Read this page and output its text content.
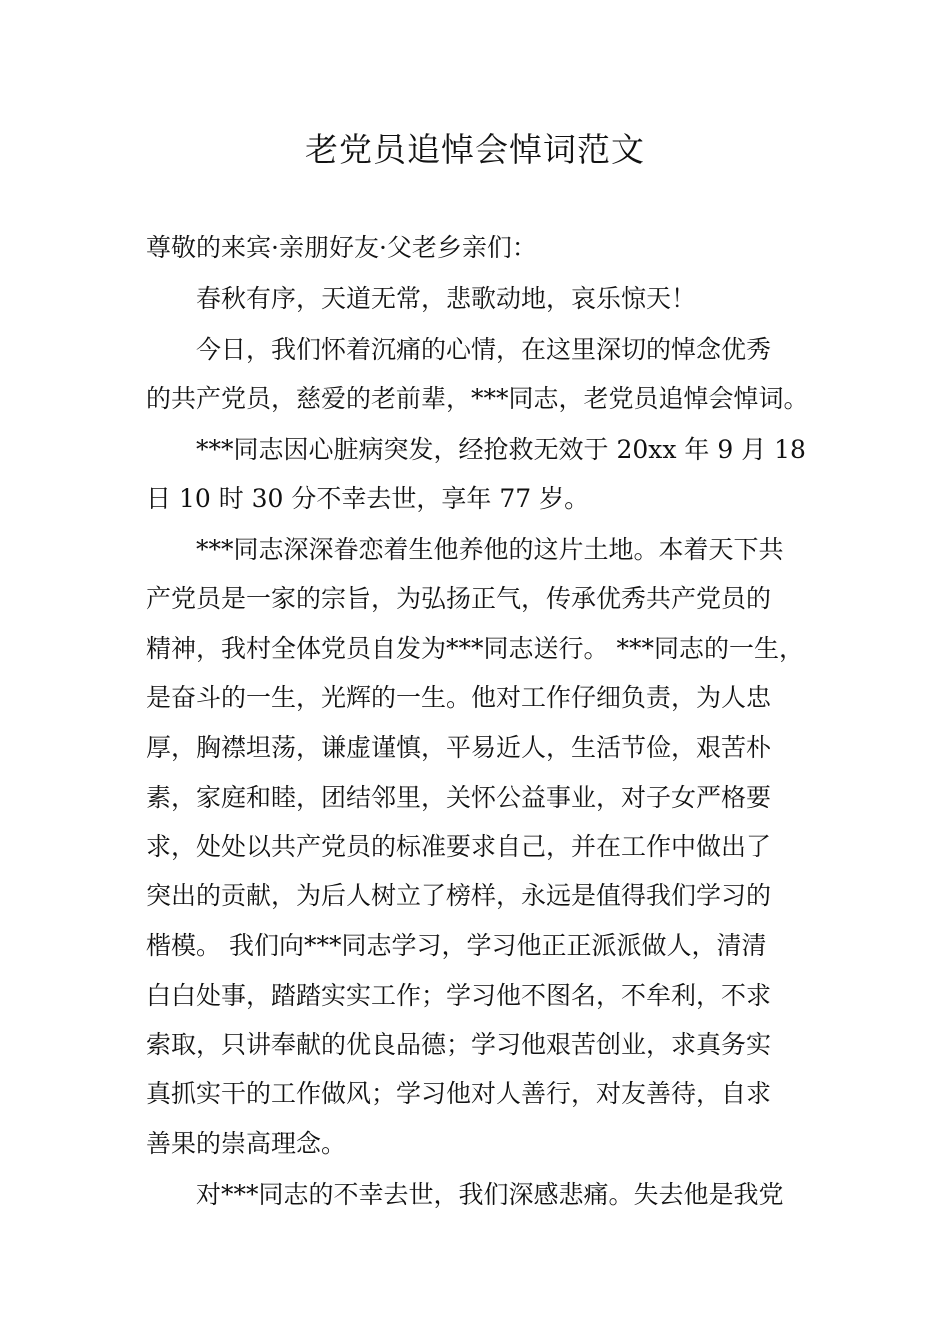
老党员追悼会悼词范文
尊敬的来宾·亲朋好友·父老乡亲们：
春秋有序，天道无常，悲歌动地，哀乐惊天！
今日，我们怀着沉痛的心情，在这里深切的悼念优秀
的共产党员，慈爱的老前辈，***同志，老党员追悼会悼词。
***同志因心脏病突发，经抢救无效于 20xx 年 9 月 18
日 10 时 30 分不幸去世，享年 77 岁。
***同志深深眷恋着生他养他的这片土地。本着天下共
产党员是一家的宗旨，为弘扬正气，传承优秀共产党员的
精神，我村全体党员自发为***同志送行。 ***同志的一生，
是奋斗的一生，光辉的一生。他对工作仔细负责，为人忠
厚，胸襟坦荡，谦虚谨慎，平易近人，生活节俭，艰苦朴
素，家庭和睦，团结邻里，关怀公益事业，对子女严格要
求，处处以共产党员的标准要求自己，并在工作中做出了
突出的贡献，为后人树立了榜样，永远是值得我们学习的
楷模。 我们向***同志学习，学习他正正派派做人，清清
白白处事，踏踏实实工作；学习他不图名，不牟利，不求
索取，只讲奉献的优良品德；学习他艰苦创业，求真务实
真抓实干的工作做风；学习他对人善行，对友善待，自求
善果的崇高理念。
对***同志的不幸去世，我们深感悲痛。失去他是我党
